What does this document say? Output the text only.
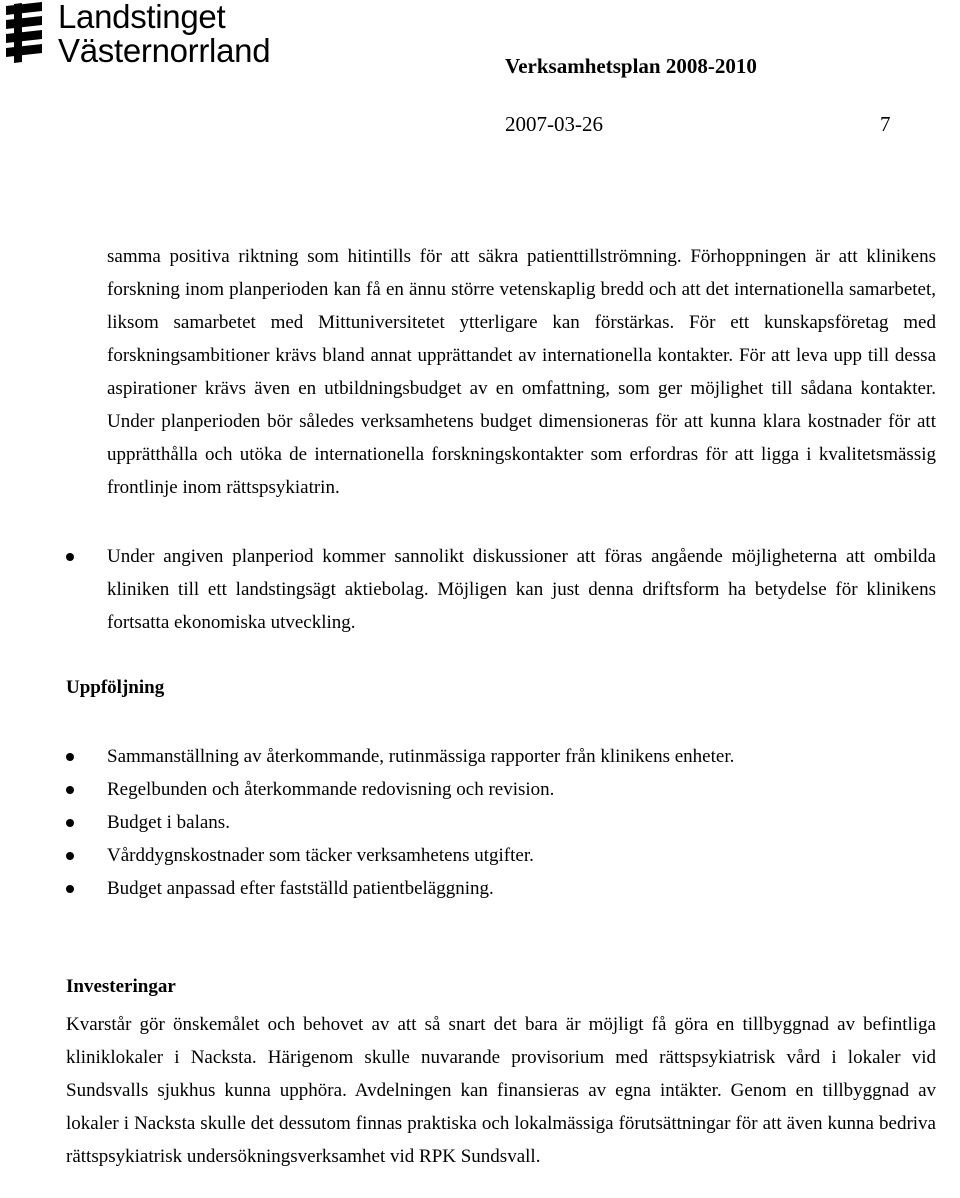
Landstinget
Västernorrland	Verksamhetsplan 2008-2010
2007-03-26	7

samma positiva riktning som hitintills för att säkra patienttillströmning. Förhoppningen är att klinikens forskning inom planperioden kan få en ännu större vetenskaplig bredd och att det internationella samarbetet, liksom samarbetet med Mittuniversitetet ytterligare kan förstärkas. För ett kunskapsföretag med forskningsambitioner krävs bland annat upprättandet av internationella kontakter. För att leva upp till dessa aspirationer krävs även en utbildningsbudget av en omfattning, som ger möjlighet till sådana kontakter. Under planperioden bör således verksamhetens budget dimensioneras för att kunna klara kostnader för att upprätthålla och utöka de internationella forskningskontakter som erfordras för att ligga i kvalitetsmässig frontlinje inom rättspsykiatrin.

Under angiven planperiod kommer sannolikt diskussioner att föras angående möjligheterna att ombilda kliniken till ett landstingsägt aktiebolag. Möjligen kan just denna driftsform ha betydelse för klinikens fortsatta ekonomiska utveckling.
Uppföljning
Sammanställning av återkommande, rutinmässiga rapporter från klinikens enheter.
Regelbunden och återkommande redovisning och revision.
Budget i balans.
Vårddygnskostnader som täcker verksamhetens utgifter.
Budget anpassad efter fastställd patientbeläggning.
Investeringar

Kvarstår gör önskemålet och behovet av att så snart det bara är möjligt få göra en tillbyggnad av befintliga kliniklokaler i Nacksta. Härigenom skulle nuvarande provisorium med rättspsykiatrisk vård i lokaler vid Sundsvalls sjukhus kunna upphöra. Avdelningen kan finansieras av egna intäkter. Genom en tillbyggnad av lokaler i Nacksta skulle det dessutom finnas praktiska och lokalmässiga förutsättningar för att även kunna bedriva rättspsykiatrisk undersökningsverksamhet vid RPK Sundsvall.
